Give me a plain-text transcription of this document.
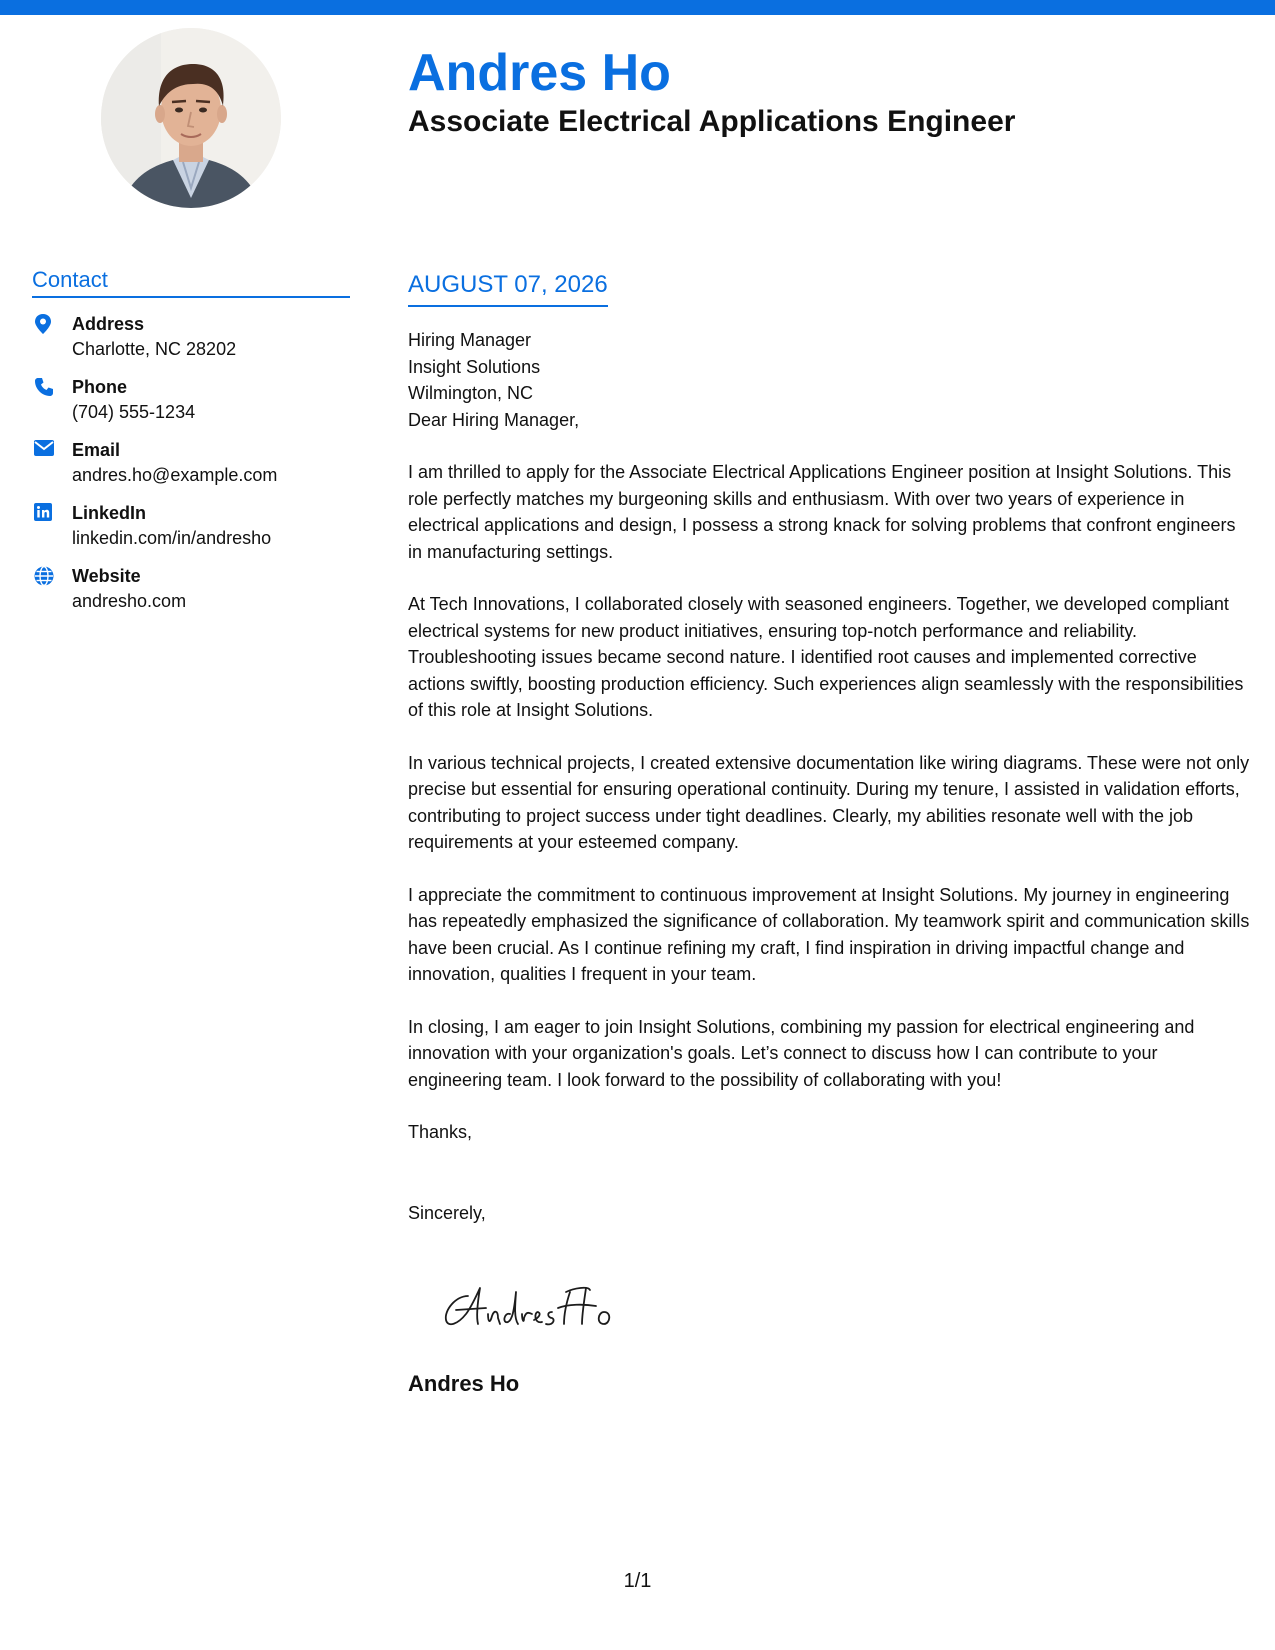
Andres Ho
Associate Electrical Applications Engineer
Contact
Address
Charlotte, NC 28202
Phone
(704) 555-1234
Email
andres.ho@example.com
LinkedIn
linkedin.com/in/andresho
Website
andresho.com
AUGUST 07, 2026

Hiring Manager
Insight Solutions
Wilmington, NC

Dear Hiring Manager,

I am thrilled to apply for the Associate Electrical Applications Engineer position at Insight Solutions. This role perfectly matches my burgeoning skills and enthusiasm. With over two years of experience in electrical applications and design, I possess a strong knack for solving problems that confront engineers in manufacturing settings.

At Tech Innovations, I collaborated closely with seasoned engineers. Together, we developed compliant electrical systems for new product initiatives, ensuring top-notch performance and reliability. Troubleshooting issues became second nature. I identified root causes and implemented corrective actions swiftly, boosting production efficiency. Such experiences align seamlessly with the responsibilities of this role at Insight Solutions.

In various technical projects, I created extensive documentation like wiring diagrams. These were not only precise but essential for ensuring operational continuity. During my tenure, I assisted in validation efforts, contributing to project success under tight deadlines. Clearly, my abilities resonate well with the job requirements at your esteemed company.

I appreciate the commitment to continuous improvement at Insight Solutions. My journey in engineering has repeatedly emphasized the significance of collaboration. My teamwork spirit and communication skills have been crucial. As I continue refining my craft, I find inspiration in driving impactful change and innovation, qualities I frequent in your team.

In closing, I am eager to join Insight Solutions, combining my passion for electrical engineering and innovation with your organization's goals. Let’s connect to discuss how I can contribute to your engineering team. I look forward to the possibility of collaborating with you!

Thanks,

Sincerely,

Andres Ho

1/1
